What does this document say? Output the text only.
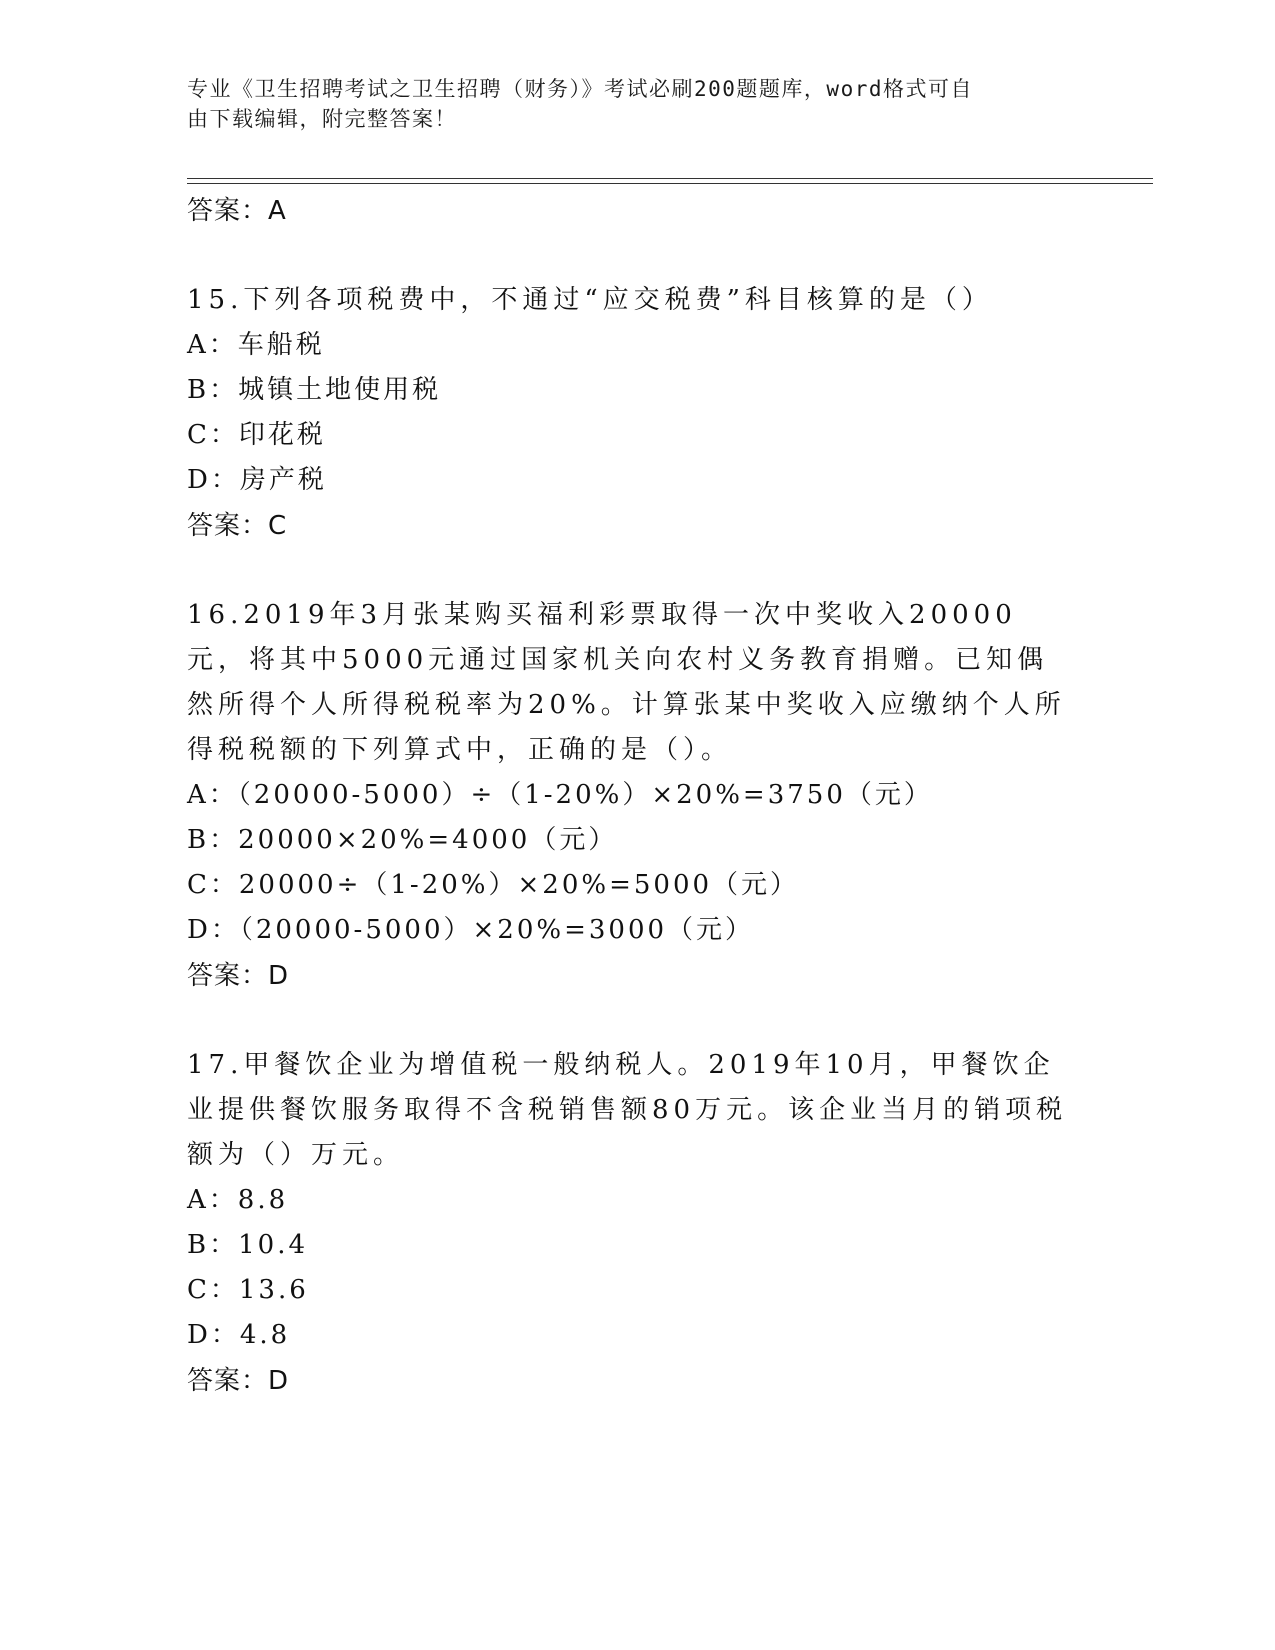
专业《卫生招聘考试之卫生招聘（财务）》考试必刷200题题库，word格式可自
由下载编辑，附完整答案！
答案：A
15.下列各项税费中，不通过“应交税费”科目核算的是（）
A：车船税
B：城镇土地使用税
C：印花税
D：房产税
答案：C
16.2019年3月张某购买福利彩票取得一次中奖收入20000元，将其中5000元通过国家机关向农村义务教育捐赠。已知偶然所得个人所得税税率为20%。计算张某中奖收入应缴纳个人所得税税额的下列算式中，正确的是（）。
A：（20000-5000）÷（1-20%）×20%=3750（元）
B：20000×20%=4000（元）
C：20000÷（1-20%）×20%=5000（元）
D：（20000-5000）×20%=3000（元）
答案：D
17.甲餐饮企业为增值税一般纳税人。2019年10月，甲餐饮企业提供餐饮服务取得不含税销售额80万元。该企业当月的销项税额为（）万元。
A：8.8
B：10.4
C：13.6
D：4.8
答案：D
